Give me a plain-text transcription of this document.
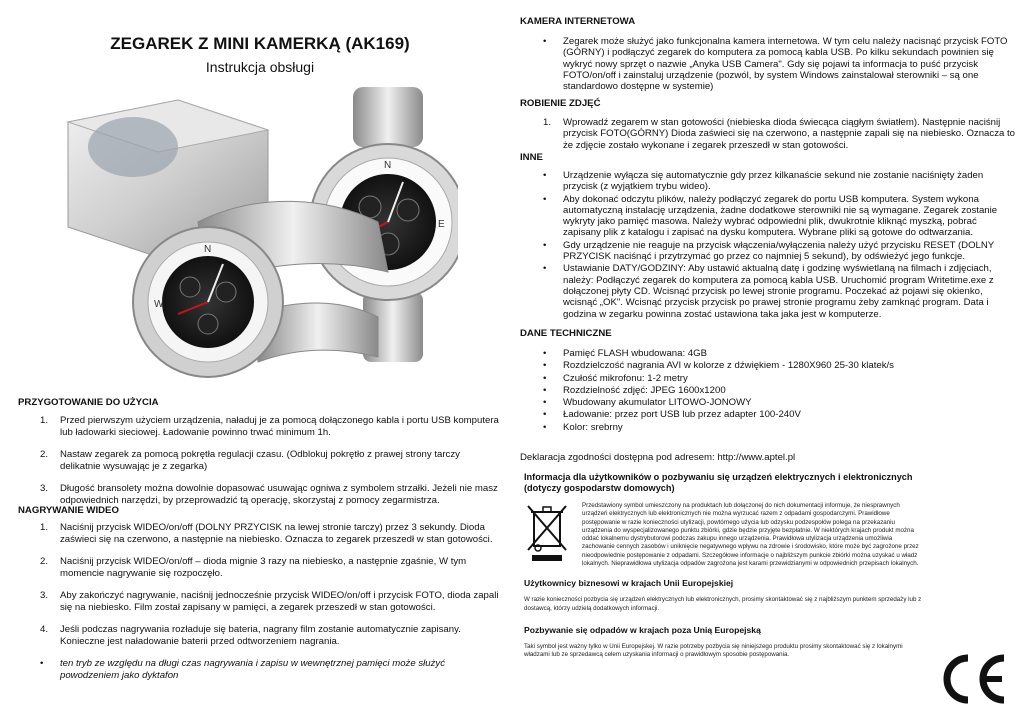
ZEGAREK Z MINI KAMERKĄ (AK169)
Instrukcja obsługi
N
E
W
N
PRZYGOTOWANIE DO UŻYCIA
1.	Przed pierwszym użyciem urządzenia, naładuj je za pomocą dołączonego kabla i portu USB komputera lub ładowarki sieciowej. Ładowanie powinno trwać minimum 1h.
2.	Nastaw zegarek za pomocą pokrętła regulacji czasu. (Odblokuj pokrętło z prawej strony tarczy delikatnie wysuwając je z zegarka)
3.	Długość bransolety można dowolnie dopasować usuwając ogniwa z symbolem strzałki. Jeżeli nie masz odpowiednich narzędzi, by przeprowadzić tą operację, skorzystaj z pomocy zegarmistrza.
NAGRYWANIE WIDEO
1.	Naciśnij przycisk WIDEO/on/off (DOLNY PRZYCISK na lewej stronie tarczy) przez 3 sekundy. Dioda zaświeci się na czerwono, a następnie na niebiesko. Oznacza to zegarek przeszedł w stan gotowości.
2.	Naciśnij przycisk WIDEO/on/off – dioda mignie 3 razy na niebiesko, a następnie zgaśnie, W tym momencie nagrywanie się rozpoczęło.
3.	Aby zakończyć nagrywanie, naciśnij jednocześnie przycisk WIDEO/on/off i przycisk FOTO, dioda zapali się na niebiesko. Film został zapisany w pamięci, a zegarek przeszedł w stan gotowości.
4.	Jeśli podczas nagrywania rozładuje się bateria, nagrany film zostanie automatycznie zapisany. Konieczne jest naładowanie baterii przed odtworzeniem nagrania.
•	ten tryb ze względu na długi czas nagrywania i zapisu w wewnętrznej pamięci może służyć powodzeniem jako dyktafon
KAMERA INTERNETOWA
•	Zegarek może służyć jako funkcjonalna kamera internetowa. W tym celu należy nacisnąć przycisk FOTO (GÓRNY) i podłączyć zegarek do komputera za pomocą kabla USB. Po kilku sekundach powinien się wykryć nowy sprzęt o nazwie „Anyka USB Camera". Gdy się pojawi ta informacja to puść przycisk FOTO/on/off i zainstaluj urządzenie (pozwól, by system Windows zainstalował sterowniki – są one standardowo dostępne w systemie)
ROBIENIE ZDJĘĆ
1.	Wprowadź zegarem w stan gotowości (niebieska dioda świecąca ciągłym światłem). Następnie naciśnij przycisk FOTO(GÓRNY) Dioda zaświeci się na czerwono, a następnie zapali się na niebiesko. Oznacza to że zdjęcie zostało wykonane i zegarek przeszedł w stan gotowości.
INNE
•	Urządzenie wyłącza się automatycznie gdy przez kilkanaście sekund nie zostanie naciśnięty żaden przycisk (z wyjątkiem trybu wideo).
•	Aby dokonać odczytu plików, należy podłączyć zegarek do portu USB komputera. System wykona automatyczną instalację urządzenia, żadne dodatkowe sterowniki nie są wymagane. Zegarek zostanie wykryty jako pamięć masowa. Należy wybrać odpowiedni plik, dwukrotnie kliknąć myszką, pobrać zapisany plik z katalogu i zapisać na dysku komputera. Wybrane pliki są gotowe do odtwarzania.
•	Gdy urządzenie nie reaguje na przycisk włączenia/wyłączenia należy użyć przycisku RESET (DOLNY PRZYCISK naciśnąć i przytrzymać go przez co najmniej 5 sekund), by odświeżyć jego funkcje.
•	Ustawianie DATY/GODZINY: Aby ustawić aktualną datę i godzinę wyświetlaną na filmach i zdjęciach, należy: Podłączyć zegarek do komputera za pomocą kabla USB. Uruchomić program Writetime.exe z dołączonej płyty CD. Wcisnąć przycisk po lewej stronie programu. Poczekać aż pojawi się okienko, wcisnąć „OK". Wcisnąć przycisk przycisk po prawej stronie programu żeby zamknąć program. Data i godzina w zegarku powinna zostać ustawiona taka jaka jest w komputerze.
DANE TECHNICZNE
•	Pamięć FLASH wbudowana: 4GB
•	Rozdzielczość nagrania AVI w kolorze z dźwiękiem - 1280X960 25-30 klatek/s
•	Czułość mikrofonu: 1-2 metry
•	Rozdzielność zdjęć: JPEG 1600x1200
•	Wbudowany akumulator LITOWO-JONOWY
•	Ładowanie: przez port USB lub przez adapter 100-240V
•	Kolor: srebrny
Deklaracja zgodności dostępna pod adresem: http://www.aptel.pl
Informacja dla użytkowników o pozbywaniu się urządzeń elektrycznych i elektronicznych (dotyczy gospodarstw domowych)
Przedstawiony symbol umieszczony na produktach lub dołączonej do nich dokumentacji informuje, że niesprawnych urządzeń elektrycznych lub elektronicznych nie można wyrzucać razem z odpadami gospodarczymi. Prawidłowe postępowanie w razie konieczności utylizacji, powtórnego użycia lub odzysku podzespołów polega na przekazaniu urządzenia do wyspecjalizowanego punktu zbiórki, gdzie będzie przyjęte bezpłatnie. W niektórych krajach produkt można oddać lokalnemu dystrybutorowi podczas zakupu innego urządzenia. Prawidłowa utylizacja urządzenia umożliwia zachowanie cennych zasobów i uniknięcie negatywnego wpływu na zdrowie i środowisko, które może być zagrożone przez nieodpowiednie postępowanie z odpadami. Szczegółowe informacje o najbliższym punkcie zbiórki można uzyskać u władz lokalnych. Nieprawidłowa utylizacja odpadów zagrożona jest karami przewidzianymi w odpowiednich przepisach lokalnych.
Użytkownicy biznesowi w krajach Unii Europejskiej
W razie konieczności pozbycia się urządzeń elektrycznych lub elektronicznych, prosimy skontaktować się z najbliższym punktem sprzedaży lub z dostawcą, którzy udzielą dodatkowych informacji.
Pozbywanie się odpadów w krajach poza Unią Europejską
Taki symbol jest ważny tylko w Unii Europejskej. W razie potrzeby pozbycia się niniejszego produktu prosimy skontaktować się z lokalnymi władzami lub ze sprzedawcą celem uzyskania informacji o prawidłowym sposobie postępowania.
